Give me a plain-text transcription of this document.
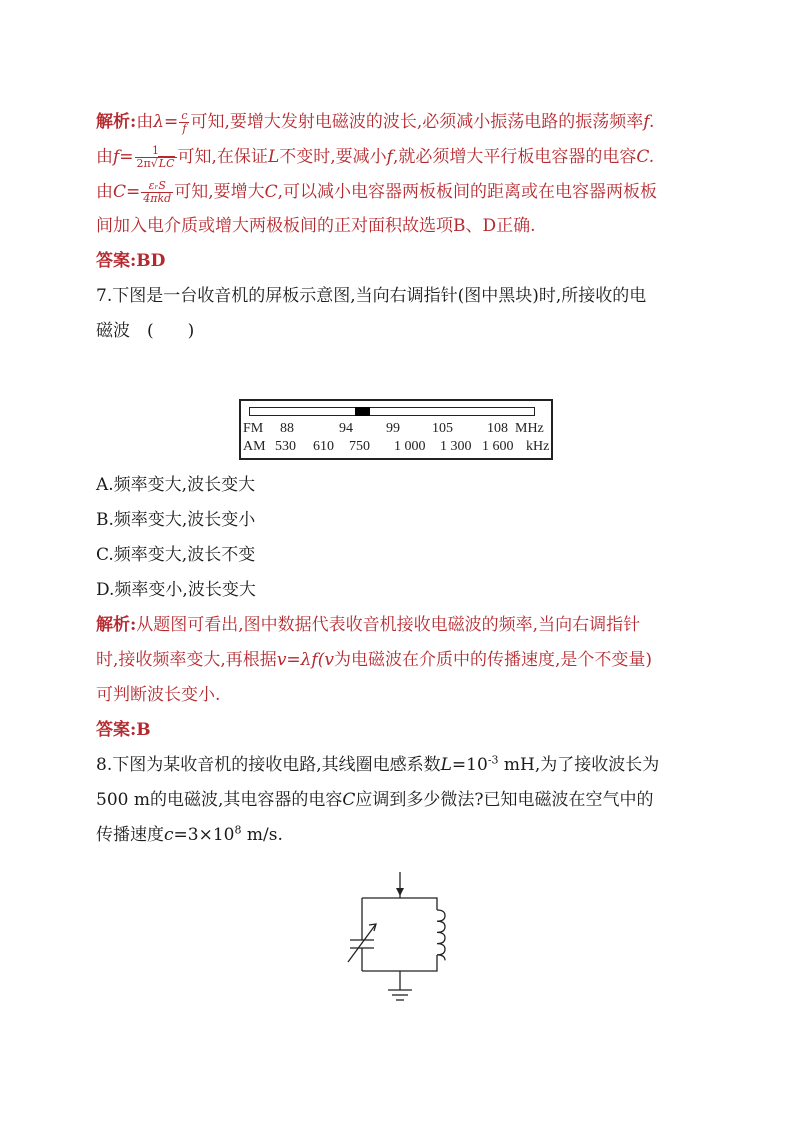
解析:由$\lambda= \frac{c}{f}$ 可知,要增大发射电磁波的波长,必须减小振荡电路的振荡频率f.
由$f= \frac{1}{2\pi√LC}$ 可知,在保证L不变时,要减小f,就必须增大平行板电容器的电容C.
由$C= \frac{\text{εᵣS}}{\text{4πkd}}$ 可知,要增大C,可以减小电容器两板板间的距离或在电容器两板板
间加入电介质或增大两极板间的正对面积故选项B、D正确.
答案:BD
7.下图是一台收音机的屏板示意图,当向右调指针(图中黑块)时,所接收的电
磁波　(　　)
FM 88	94 99 105 108 MHz
AM 530 610 750 1 000 1 300 1 600 kHz
A.频率变大,波长变大
B.频率变大,波长变小
C.频率变大,波长不变
D.频率变小,波长变大
解析:从题图可看出,图中数据代表收音机接收电磁波的频率,当向右调指针
时,接收频率变大,再根据v=λf(v为电磁波在介质中的传播速度,是个不变量)
可判断波长变小.
答案:B
8.下图为某收音机的接收电路,其线圈电感系数$L=10^{-3}$ mH,为了接收波长为
500 m的电磁波,其电容器的电容C应调到多少微法?已知电磁波在空气中的
传播速度$c=3\times 10^8$ m/s.
